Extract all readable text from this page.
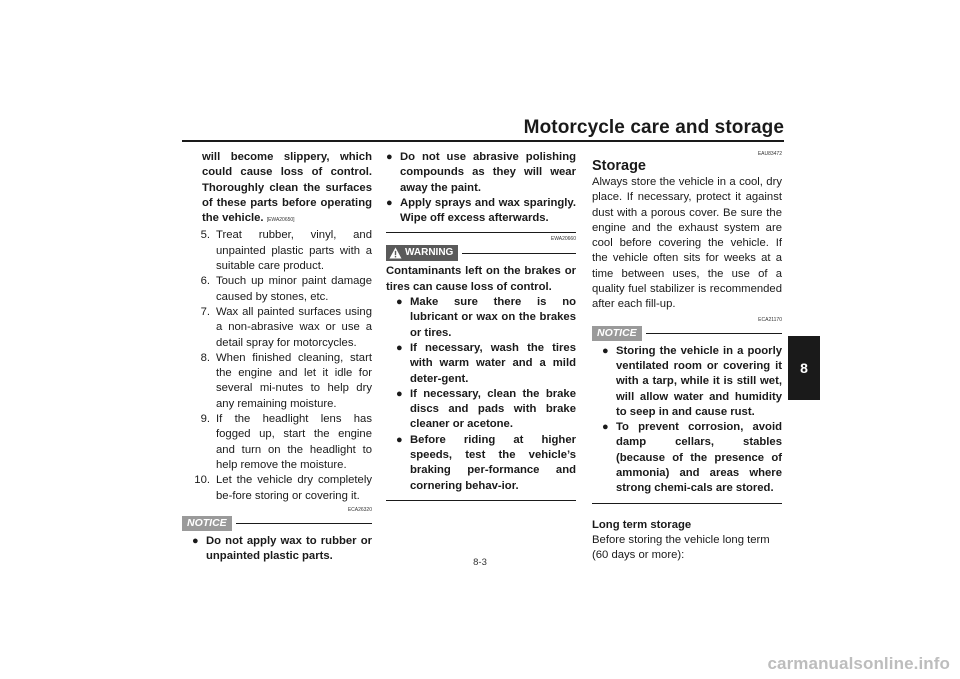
Motorcycle care and storage
8
will become slippery, which could cause loss of control. Thoroughly clean the surfaces of these parts before operating the vehicle. [EWA20650]
5. Treat rubber, vinyl, and unpainted plastic parts with a suitable care product.
6. Touch up minor paint damage caused by stones, etc.
7. Wax all painted surfaces using a non-abrasive wax or use a detail spray for motorcycles.
8. When finished cleaning, start the engine and let it idle for several mi-nutes to help dry any remaining moisture.
9. If the headlight lens has fogged up, start the engine and turn on the headlight to help remove the moisture.
10. Let the vehicle dry completely be-fore storing or covering it.
ECA26320
NOTICE
● Do not apply wax to rubber or unpainted plastic parts.
● Do not use abrasive polishing compounds as they will wear away the paint.
● Apply sprays and wax sparingly. Wipe off excess afterwards.
EWA20660
WARNING
Contaminants left on the brakes or tires can cause loss of control.
● Make sure there is no lubricant or wax on the brakes or tires.
● If necessary, wash the tires with warm water and a mild deter-gent.
● If necessary, clean the brake discs and pads with brake cleaner or acetone.
● Before riding at higher speeds, test the vehicle’s braking per-formance and cornering behav-ior.
EAU83472
Storage
Always store the vehicle in a cool, dry place. If necessary, protect it against dust with a porous cover. Be sure the engine and the exhaust system are cool before covering the vehicle. If the vehicle often sits for weeks at a time between uses, the use of a quality fuel stabilizer is recommended after each fill-up.
ECA21170
NOTICE
● Storing the vehicle in a poorly ventilated room or covering it with a tarp, while it is still wet, will allow water and humidity to seep in and cause rust.
● To prevent corrosion, avoid damp cellars, stables (because of the presence of ammonia) and areas where strong chemi-cals are stored.
Long term storage
Before storing the vehicle long term (60 days or more):
8-3
carmanualsonline.info
